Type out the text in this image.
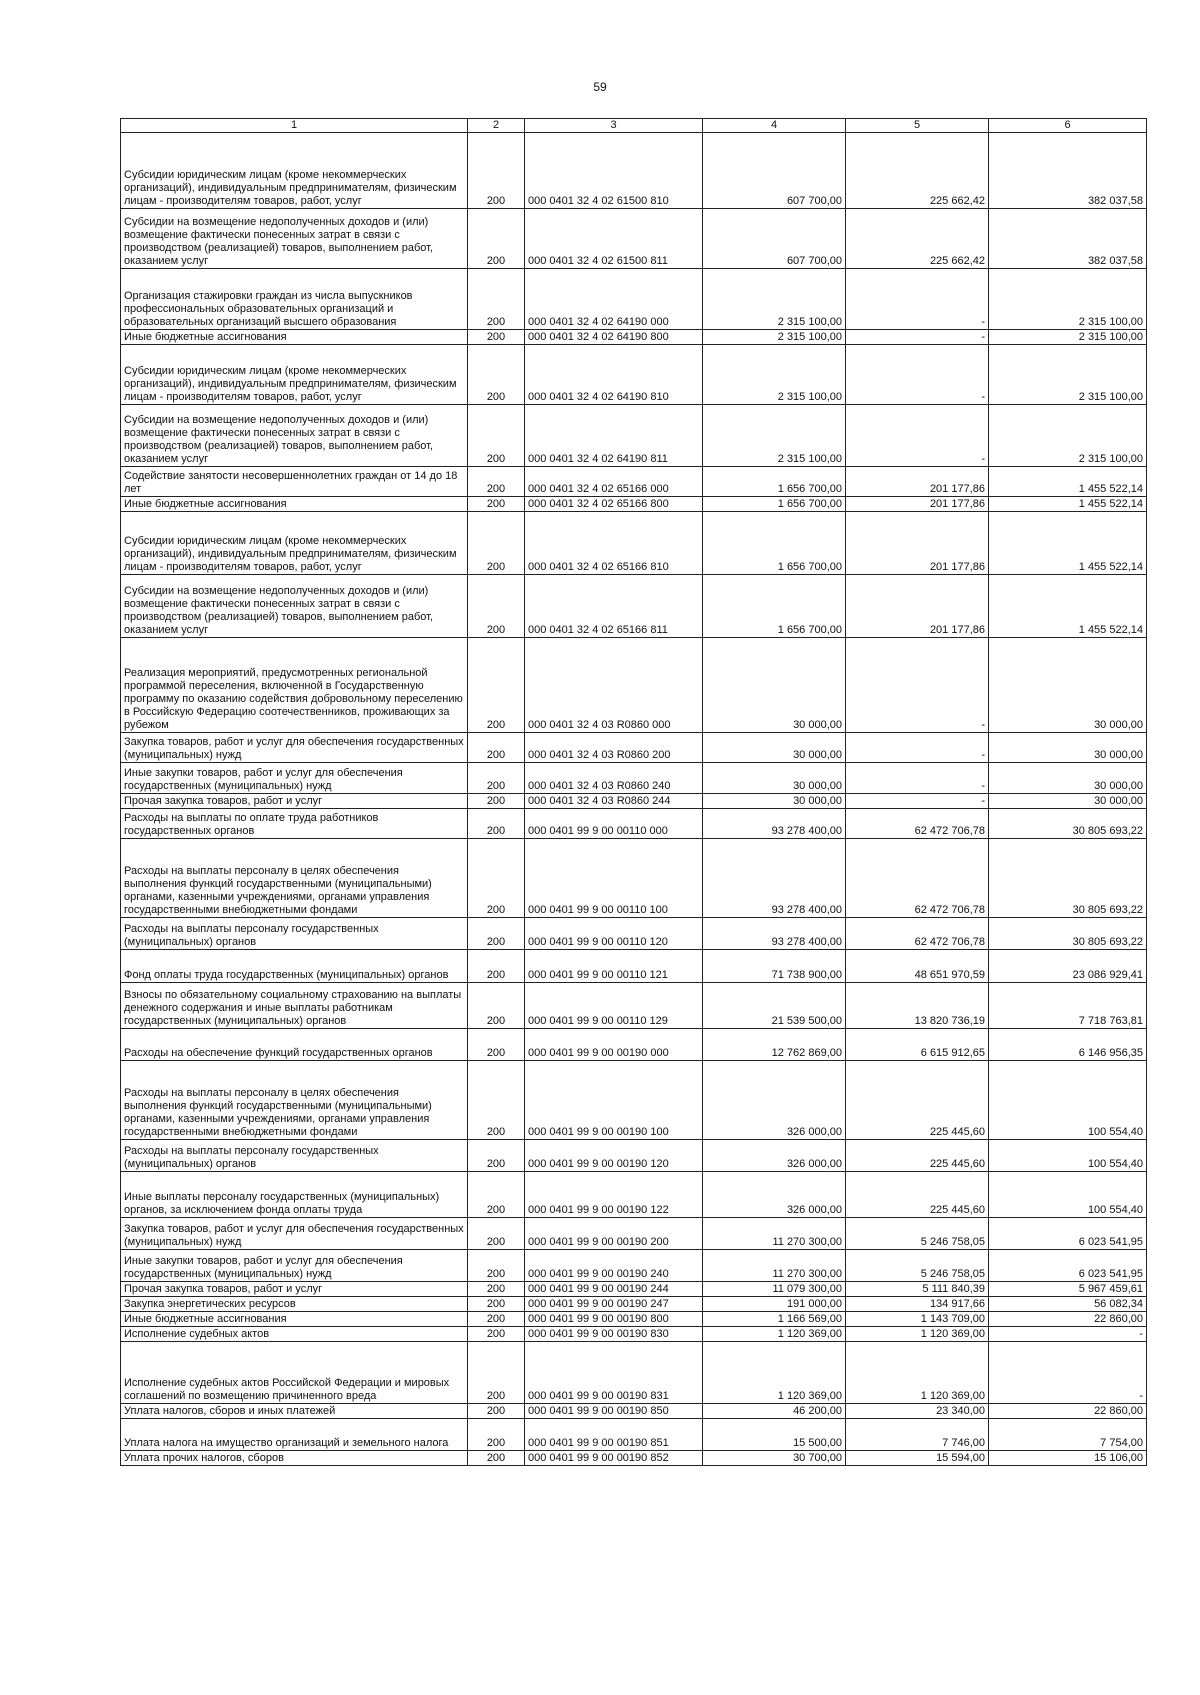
59
1	2	3	4	5	6
Субсидии юридическим лицам (кроме некоммерческих организаций), индивидуальным предпринимателям, физическим лицам - производителям товаров, работ, услуг	200	000 0401 32 4 02 61500 810	607 700,00	225 662,42	382 037,58
Субсидии на возмещение недополученных доходов и (или) возмещение фактически понесенных затрат в связи с производством (реализацией) товаров, выполнением работ, оказанием услуг	200	000 0401 32 4 02 61500 811	607 700,00	225 662,42	382 037,58
Организация стажировки граждан из числа выпускников профессиональных образовательных организаций и образовательных организаций высшего образования	200	000 0401 32 4 02 64190 000	2 315 100,00	-	2 315 100,00
Иные бюджетные ассигнования	200	000 0401 32 4 02 64190 800	2 315 100,00	-	2 315 100,00
Субсидии юридическим лицам (кроме некоммерческих организаций), индивидуальным предпринимателям, физическим лицам - производителям товаров, работ, услуг	200	000 0401 32 4 02 64190 810	2 315 100,00	-	2 315 100,00
Субсидии на возмещение недополученных доходов и (или) возмещение фактически понесенных затрат в связи с производством (реализацией) товаров, выполнением работ, оказанием услуг	200	000 0401 32 4 02 64190 811	2 315 100,00	-	2 315 100,00
Содействие занятости несовершеннолетних граждан от 14 до 18 лет	200	000 0401 32 4 02 65166 000	1 656 700,00	201 177,86	1 455 522,14
Иные бюджетные ассигнования	200	000 0401 32 4 02 65166 800	1 656 700,00	201 177,86	1 455 522,14
Субсидии юридическим лицам (кроме некоммерческих организаций), индивидуальным предпринимателям, физическим лицам - производителям товаров, работ, услуг	200	000 0401 32 4 02 65166 810	1 656 700,00	201 177,86	1 455 522,14
Субсидии на возмещение недополученных доходов и (или) возмещение фактически понесенных затрат в связи с производством (реализацией) товаров, выполнением работ, оказанием услуг	200	000 0401 32 4 02 65166 811	1 656 700,00	201 177,86	1 455 522,14
Реализация мероприятий, предусмотренных региональной программой переселения, включенной в Государственную программу по оказанию содействия добровольному переселению в Российскую Федерацию соотечественников, проживающих за рубежом	200	000 0401 32 4 03 R0860 000	30 000,00	-	30 000,00
Закупка товаров, работ и услуг для обеспечения государственных (муниципальных) нужд	200	000 0401 32 4 03 R0860 200	30 000,00	-	30 000,00
Иные закупки товаров, работ и услуг для обеспечения государственных (муниципальных) нужд	200	000 0401 32 4 03 R0860 240	30 000,00	-	30 000,00
Прочая закупка товаров, работ и услуг	200	000 0401 32 4 03 R0860 244	30 000,00	-	30 000,00
Расходы на выплаты по оплате труда работников государственных органов	200	000 0401 99 9 00 00110 000	93 278 400,00	62 472 706,78	30 805 693,22
Расходы на выплаты персоналу в целях обеспечения выполнения функций государственными (муниципальными) органами, казенными учреждениями, органами управления государственными внебюджетными фондами	200	000 0401 99 9 00 00110 100	93 278 400,00	62 472 706,78	30 805 693,22
Расходы на выплаты персоналу государственных (муниципальных) органов	200	000 0401 99 9 00 00110 120	93 278 400,00	62 472 706,78	30 805 693,22
Фонд оплаты труда государственных (муниципальных) органов	200	000 0401 99 9 00 00110 121	71 738 900,00	48 651 970,59	23 086 929,41
Взносы по обязательному социальному страхованию на выплаты денежного содержания и иные выплаты работникам государственных (муниципальных) органов	200	000 0401 99 9 00 00110 129	21 539 500,00	13 820 736,19	7 718 763,81
Расходы на обеспечение функций государственных органов	200	000 0401 99 9 00 00190 000	12 762 869,00	6 615 912,65	6 146 956,35
Расходы на выплаты персоналу в целях обеспечения выполнения функций государственными (муниципальными) органами, казенными учреждениями, органами управления государственными внебюджетными фондами	200	000 0401 99 9 00 00190 100	326 000,00	225 445,60	100 554,40
Расходы на выплаты персоналу государственных (муниципальных) органов	200	000 0401 99 9 00 00190 120	326 000,00	225 445,60	100 554,40
Иные выплаты персоналу государственных (муниципальных) органов, за исключением фонда оплаты труда	200	000 0401 99 9 00 00190 122	326 000,00	225 445,60	100 554,40
Закупка товаров, работ и услуг для обеспечения государственных (муниципальных) нужд	200	000 0401 99 9 00 00190 200	11 270 300,00	5 246 758,05	6 023 541,95
Иные закупки товаров, работ и услуг для обеспечения государственных (муниципальных) нужд	200	000 0401 99 9 00 00190 240	11 270 300,00	5 246 758,05	6 023 541,95
Прочая закупка товаров, работ и услуг	200	000 0401 99 9 00 00190 244	11 079 300,00	5 111 840,39	5 967 459,61
Закупка энергетических ресурсов	200	000 0401 99 9 00 00190 247	191 000,00	134 917,66	56 082,34
Иные бюджетные ассигнования	200	000 0401 99 9 00 00190 800	1 166 569,00	1 143 709,00	22 860,00
Исполнение судебных актов	200	000 0401 99 9 00 00190 830	1 120 369,00	1 120 369,00	-
Исполнение судебных актов Российской Федерации и мировых соглашений по возмещению причиненного вреда	200	000 0401 99 9 00 00190 831	1 120 369,00	1 120 369,00	-
Уплата налогов, сборов и иных платежей	200	000 0401 99 9 00 00190 850	46 200,00	23 340,00	22 860,00
Уплата налога на имущество организаций и земельного налога	200	000 0401 99 9 00 00190 851	15 500,00	7 746,00	7 754,00
Уплата прочих налогов, сборов	200	000 0401 99 9 00 00190 852	30 700,00	15 594,00	15 106,00
